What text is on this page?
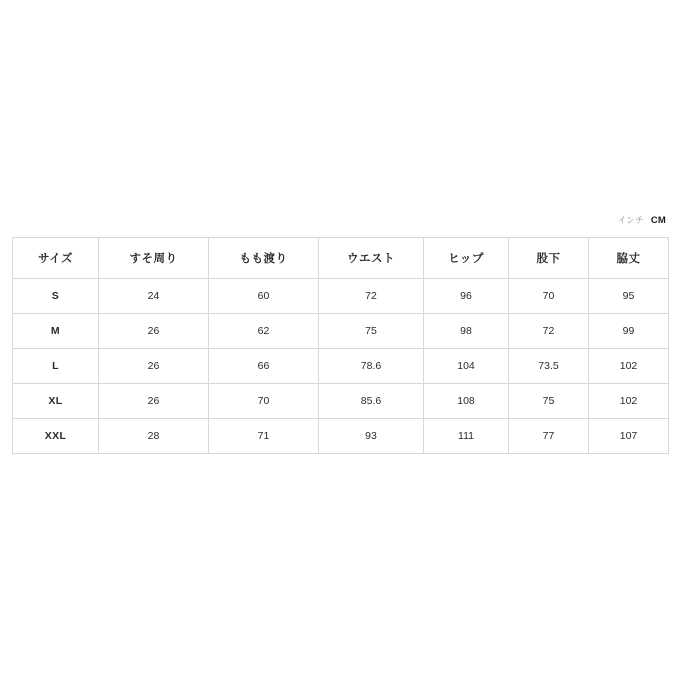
インチ CM
サイズ	すそ周り	もも渡り	ウエスト	ヒップ	股下	脇丈
S	24	60	72	96	70	95
M	26	62	75	98	72	99
L	26	66	78.6	104	73.5	102
XL	26	70	85.6	108	75	102
XXL	28	71	93	111	77	107
